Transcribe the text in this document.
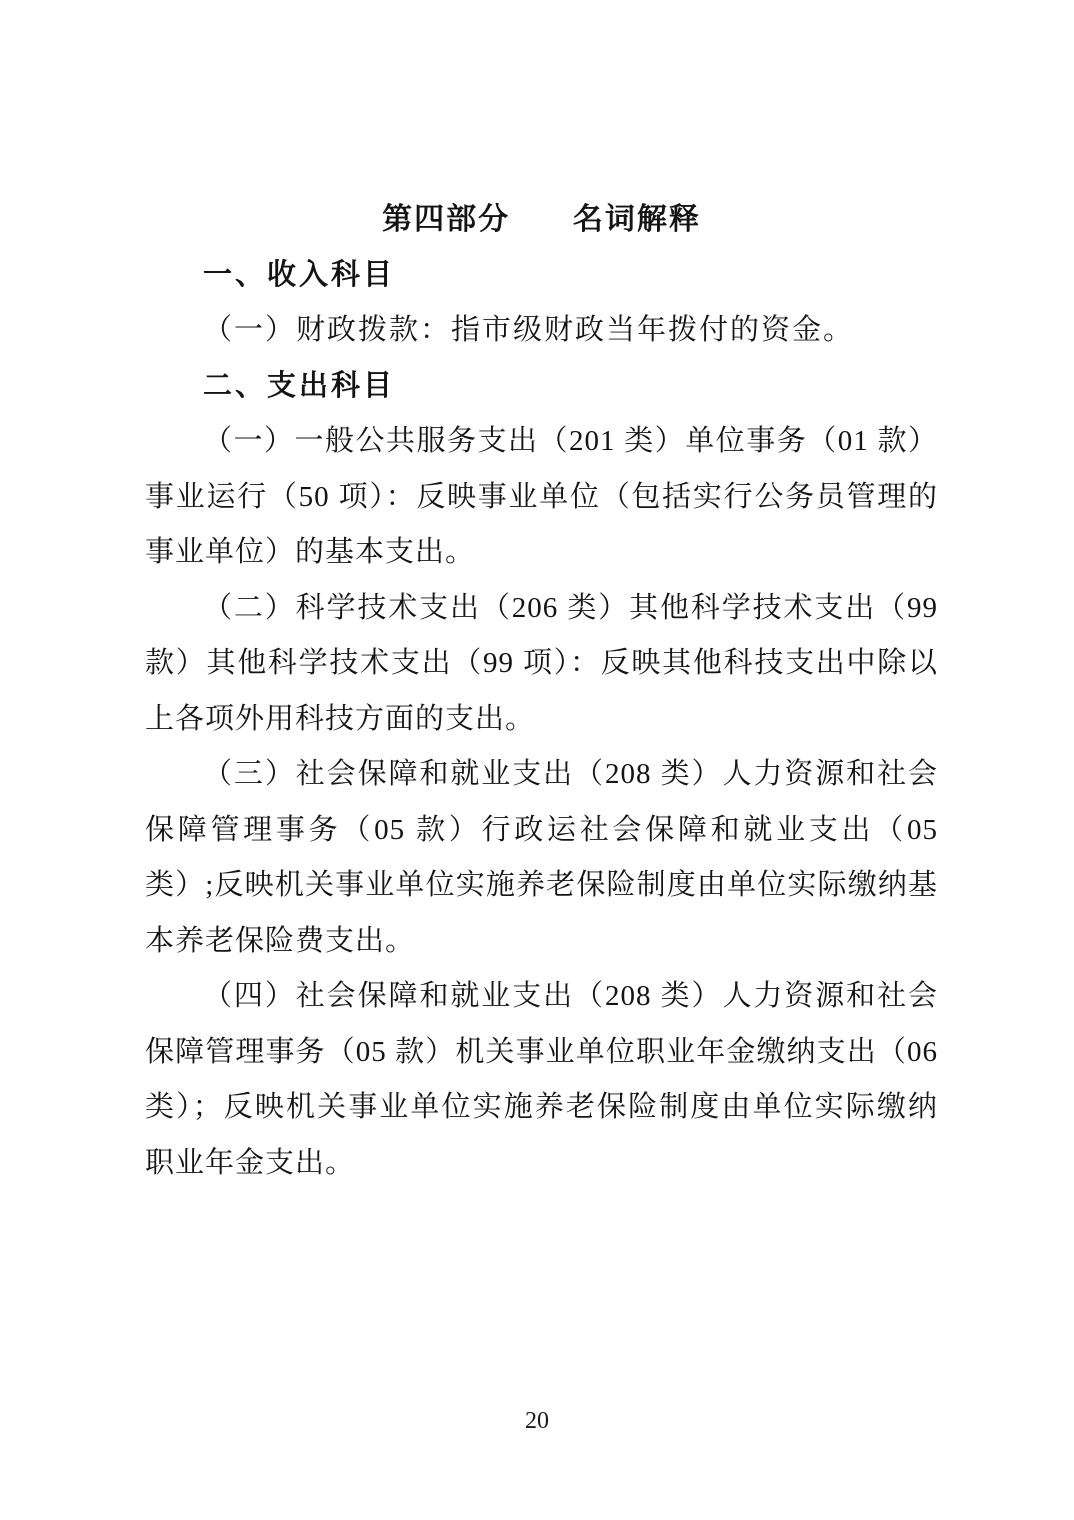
第四部分 名词解释
一、收入科目

（一）财政拨款：指市级财政当年拨付的资金。

二、支出科目

（一）一般公共服务支出（201 类）单位事务（01 款）事业运行（50 项）：反映事业单位（包括实行公务员管理的事业单位）的基本支出。

（二）科学技术支出（206 类）其他科学技术支出（99 款）其他科学技术支出（99 项）：反映其他科技支出中除以上各项外用科技方面的支出。

（三）社会保障和就业支出（208 类）人力资源和社会保障管理事务（05 款）行政运社会保障和就业支出（05 类）;反映机关事业单位实施养老保险制度由单位实际缴纳基本养老保险费支出。

（四）社会保障和就业支出（208 类）人力资源和社会保障管理事务（05 款）机关事业单位职业年金缴纳支出（06 类）；反映机关事业单位实施养老保险制度由单位实际缴纳职业年金支出。

20
